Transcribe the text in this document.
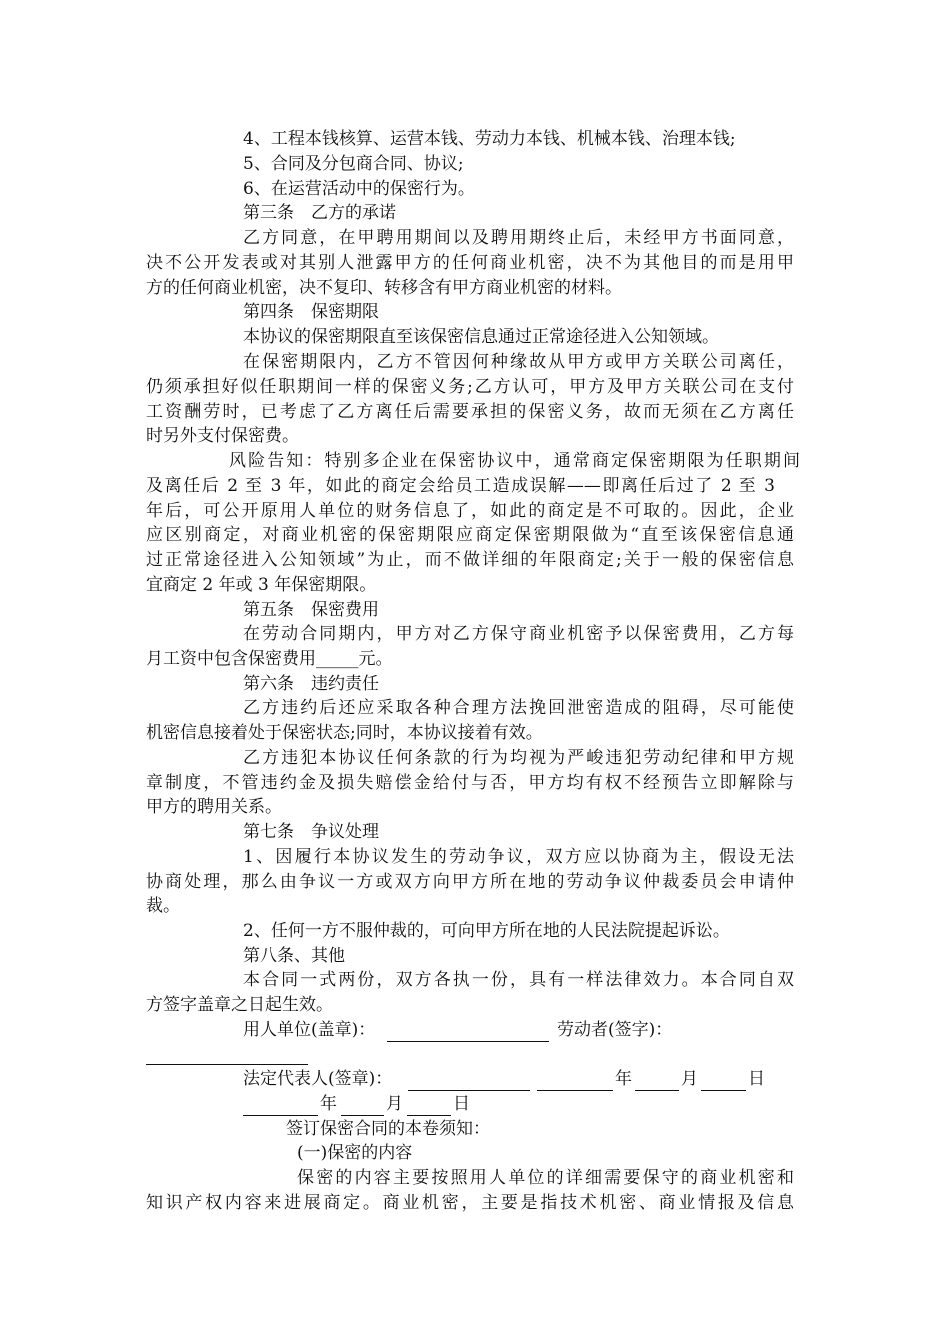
4、工程本钱核算、运营本钱、劳动力本钱、机械本钱、治理本钱;
5、合同及分包商合同、协议;
6、在运营活动中的保密行为。
第三条　乙方的承诺
乙方同意，在甲聘用期间以及聘用期终止后，未经甲方书面同意，
决不公开发表或对其别人泄露甲方的任何商业机密，决不为其他目的而是用甲
方的任何商业机密，决不复印、转移含有甲方商业机密的材料。
第四条　保密期限
本协议的保密期限直至该保密信息通过正常途径进入公知领域。
在保密期限内，乙方不管因何种缘故从甲方或甲方关联公司离任，
仍须承担好似任职期间一样的保密义务;乙方认可，甲方及甲方关联公司在支付
工资酬劳时，已考虑了乙方离任后需要承担的保密义务，故而无须在乙方离任
时另外支付保密费。
风险告知：特别多企业在保密协议中，通常商定保密期限为任职期间
及离任后 2 至 3 年，如此的商定会给员工造成误解——即离任后过了 2 至 3
年后，可公开原用人单位的财务信息了，如此的商定是不可取的。因此，企业
应区别商定，对商业机密的保密期限应商定保密期限做为“直至该保密信息通
过正常途径进入公知领域”为止，而不做详细的年限商定;关于一般的保密信息
宜商定 2 年或 3 年保密期限。
第五条　保密费用
在劳动合同期内，甲方对乙方保守商业机密予以保密费用，乙方每
月工资中包含保密费用_____元。
第六条　违约责任
乙方违约后还应采取各种合理方法挽回泄密造成的阻碍，尽可能使
机密信息接着处于保密状态;同时，本协议接着有效。
乙方违犯本协议任何条款的行为均视为严峻违犯劳动纪律和甲方规
章制度，不管违约金及损失赔偿金给付与否，甲方均有权不经预告立即解除与
甲方的聘用关系。
第七条　争议处理
1、因履行本协议发生的劳动争议，双方应以协商为主，假设无法
协商处理，那么由争议一方或双方向甲方所在地的劳动争议仲裁委员会申请仲
裁。
2、任何一方不服仲裁的，可向甲方所在地的人民法院提起诉讼。
第八条、其他
本合同一式两份，双方各执一份，具有一样法律效力。本合同自双
方签字盖章之日起生效。
用人单位(盖章)：	劳动者(签字)：
法定代表人(签章)：	年	月	日
年	月	日
签订保密合同的本卷须知：
(一)保密的内容
保密的内容主要按照用人单位的详细需要保守的商业机密和
知识产权内容来进展商定。商业机密，主要是指技术机密、商业情报及信息
